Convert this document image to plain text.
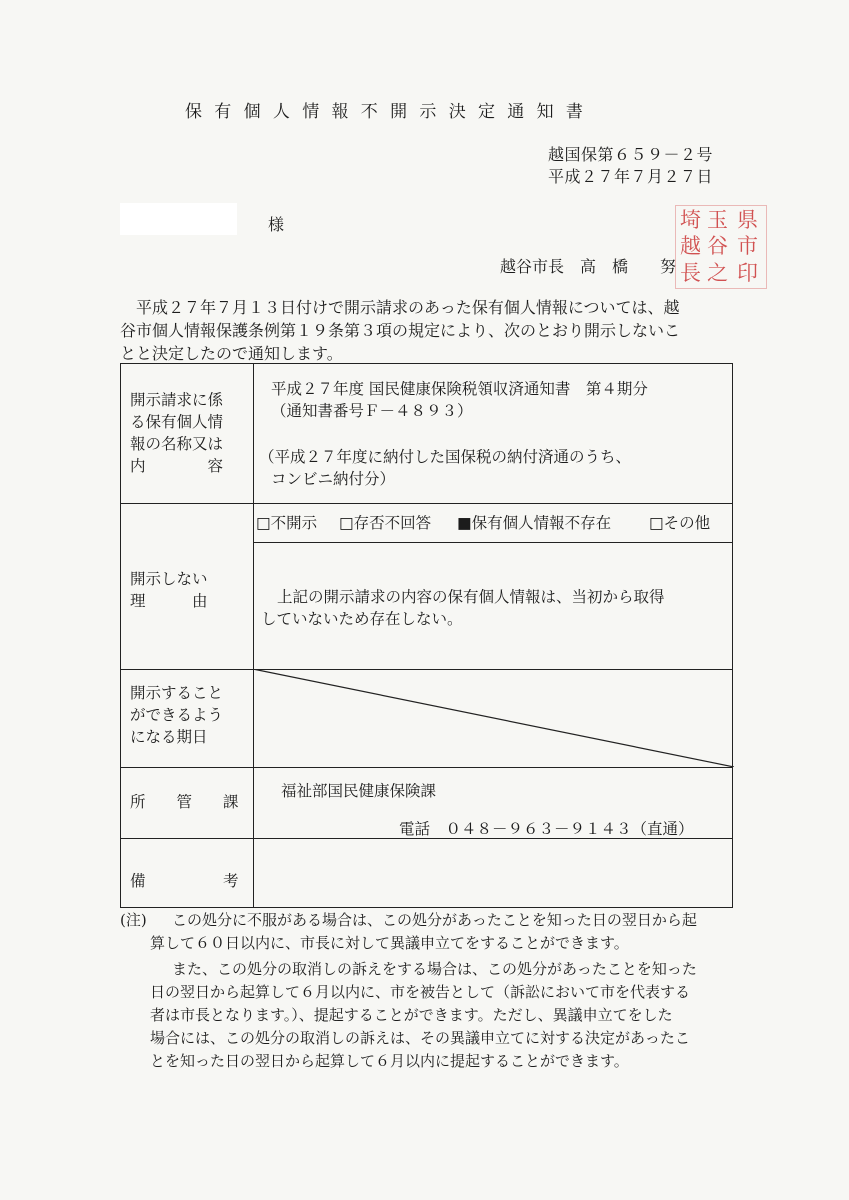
保有個人情報不開示決定通知書
越国保第６５９－２号
平成２７年７月２７日
様
越谷市長　高　橋　　努
埼
越
玉
谷
県
市
長 之 印
　平成２７年７月１３日付けで開示請求のあった保有個人情報については、越
谷市個人情報保護条例第１９条第３項の規定により、次のとおり開示しないこ
とと決定したので通知します。
開示請求に係
る保有個人情
報の名称又は
内　　　　容
平成２７年度 国民健康保険税領収済通知書　第４期分
（通知書番号Ｆ－４８９３）
（平成２７年度に納付した国保税の納付済通のうち、
コンビニ納付分）
開示しない
理　　　由
□不開示 □存否不回答 ■保有個人情報不存在 □その他
上記の開示請求の内容の保有個人情報は、当初から取得
していないため存在しない。
開示すること
ができるよう
になる期日
所　　管　　課
福祉部国民健康保険課
電話　０４８－９６３－９１４３（直通）
備　　　　　考
(注) この処分に不服がある場合は、この処分があったことを知った日の翌日から起
算して６０日以内に、市長に対して異議申立てをすることができます。
また、この処分の取消しの訴えをする場合は、この処分があったことを知った
日の翌日から起算して６月以内に、市を被告として（訴訟において市を代表する
者は市長となります。）、提起することができます。ただし、異議申立てをした
場合には、この処分の取消しの訴えは、その異議申立てに対する決定があったこ
とを知った日の翌日から起算して６月以内に提起することができます。
